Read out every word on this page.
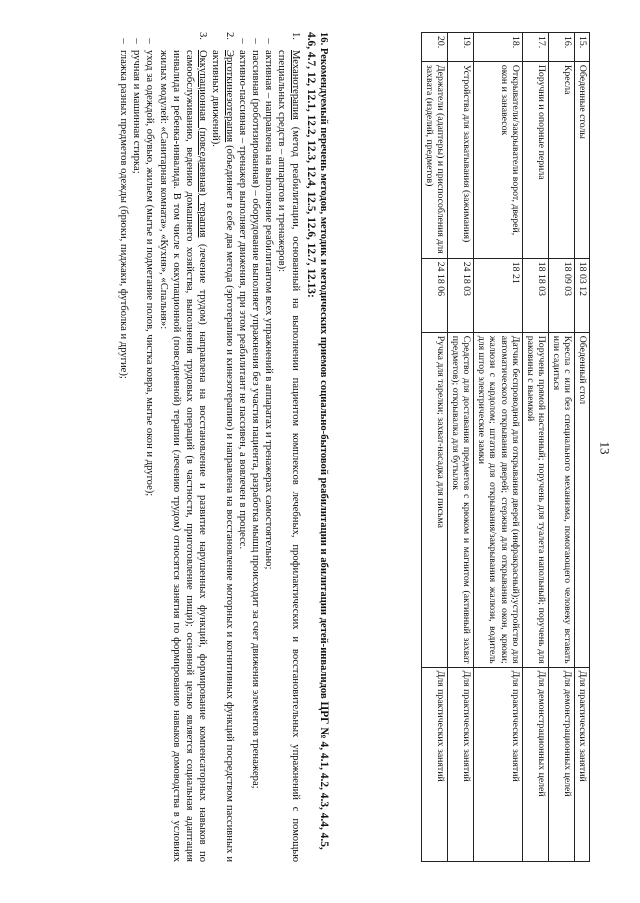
13
15.	Обеденные столы	18 03 12	Обеденный стол	Для практических занятий
16.	Кресла	18 09 03	Кресла с или без специального механизма, помогающего человеку вставать или садиться	Для демонстрационных целей
17.	Поручни и опорные перила	18 18 03	Поручень прямой настенный; поручень для туалета напольный; поручень для раковины с выемкой	Для демонстрационных целей
18.	Открыватели/закрыватели ворот, дверей, окон и занавесок	18 21	Датчик беспроводной для открывания дверей (инфракрасный);устройство для автоматического открывания дверей; стержни для открывания окон, крюки; жалюзи с кардолом; штатив для открывания/закрывания жалюзи, водитель для штор электрические замки	Для практических занятий
19.	Устройства для захватывания (зажимания)	24 18 03	Средство для доставания предметов с крюком и магнитом (активный захват предметов); открывалка для бутылок	Для практических занятий
20.	Держатели (адаптеры) и приспособления для захвата (изделий, предметов)	24 18 06	Ручка для тарелки; захват-насадка для письма	Для практических занятий
16. Рекомендуемый перечень методов, методик и методических приемов социально-бытовой реабилитации и абилитации детей-инвалидов ЦРГ № 4, 4.1, 4.2, 4.3, 4.4, 4.5, 4.6, 4.7, 12, 12.1, 12.2, 12.3, 12.4, 12.5, 12.6, 12.7, 12.13:
1.
Механотерапия (метод реабилитации, основанный на выполнении пациентом комплексов лечебных, профилактических и восстановительных упражнений с помощью специальных средств – аппаратов и тренажеров):
–
активная – направлена на выполнение реабилитантом всех упражнений в аппаратах и тренажерах самостоятельно;
–
пассивная (роботизированная) – оборудование выполняет упражнения без участия пациента, разработка мышц происходит за счет движения элементов тренажера;
–
активно-пассивная – тренажер выполняет движения, при этом реабилитант не пассивен, а вовлечен в процесс.
2.
Эрготкинезотерапия (объединяет в себе два метода (эрготерапию и кинезотерапию) и направлена на восстановление моторных и когнитивных функций посредством пассивных и активных движений).
3.
Оккупационная (повседневная) терапия (лечение трудом) направлена на восстановление и развитие нарушенных функций, формирование компенсаторных навыков по самообслуживанию, ведению домашнего хозяйства, выполнения трудовых операций (в частности, приготовление пищи); основной целью является социальная адаптация инвалида и ребенка-инвалида. В том числе к оккупационной (повседневной) терапии (лечению трудом) относятся занятия по формированию навыков домоводства в условиях жилых модулей: «Санитарная комната», «Кухня», «Спальня»:
–
уход за одеждой, обувью, жильем (мытье и подметание полов, чистка ковра, мытье окон и другое);
–
ручная и машинная стирка;
–
глажка разных предметов одежды (брюки, пиджаки, футболка и другие);
